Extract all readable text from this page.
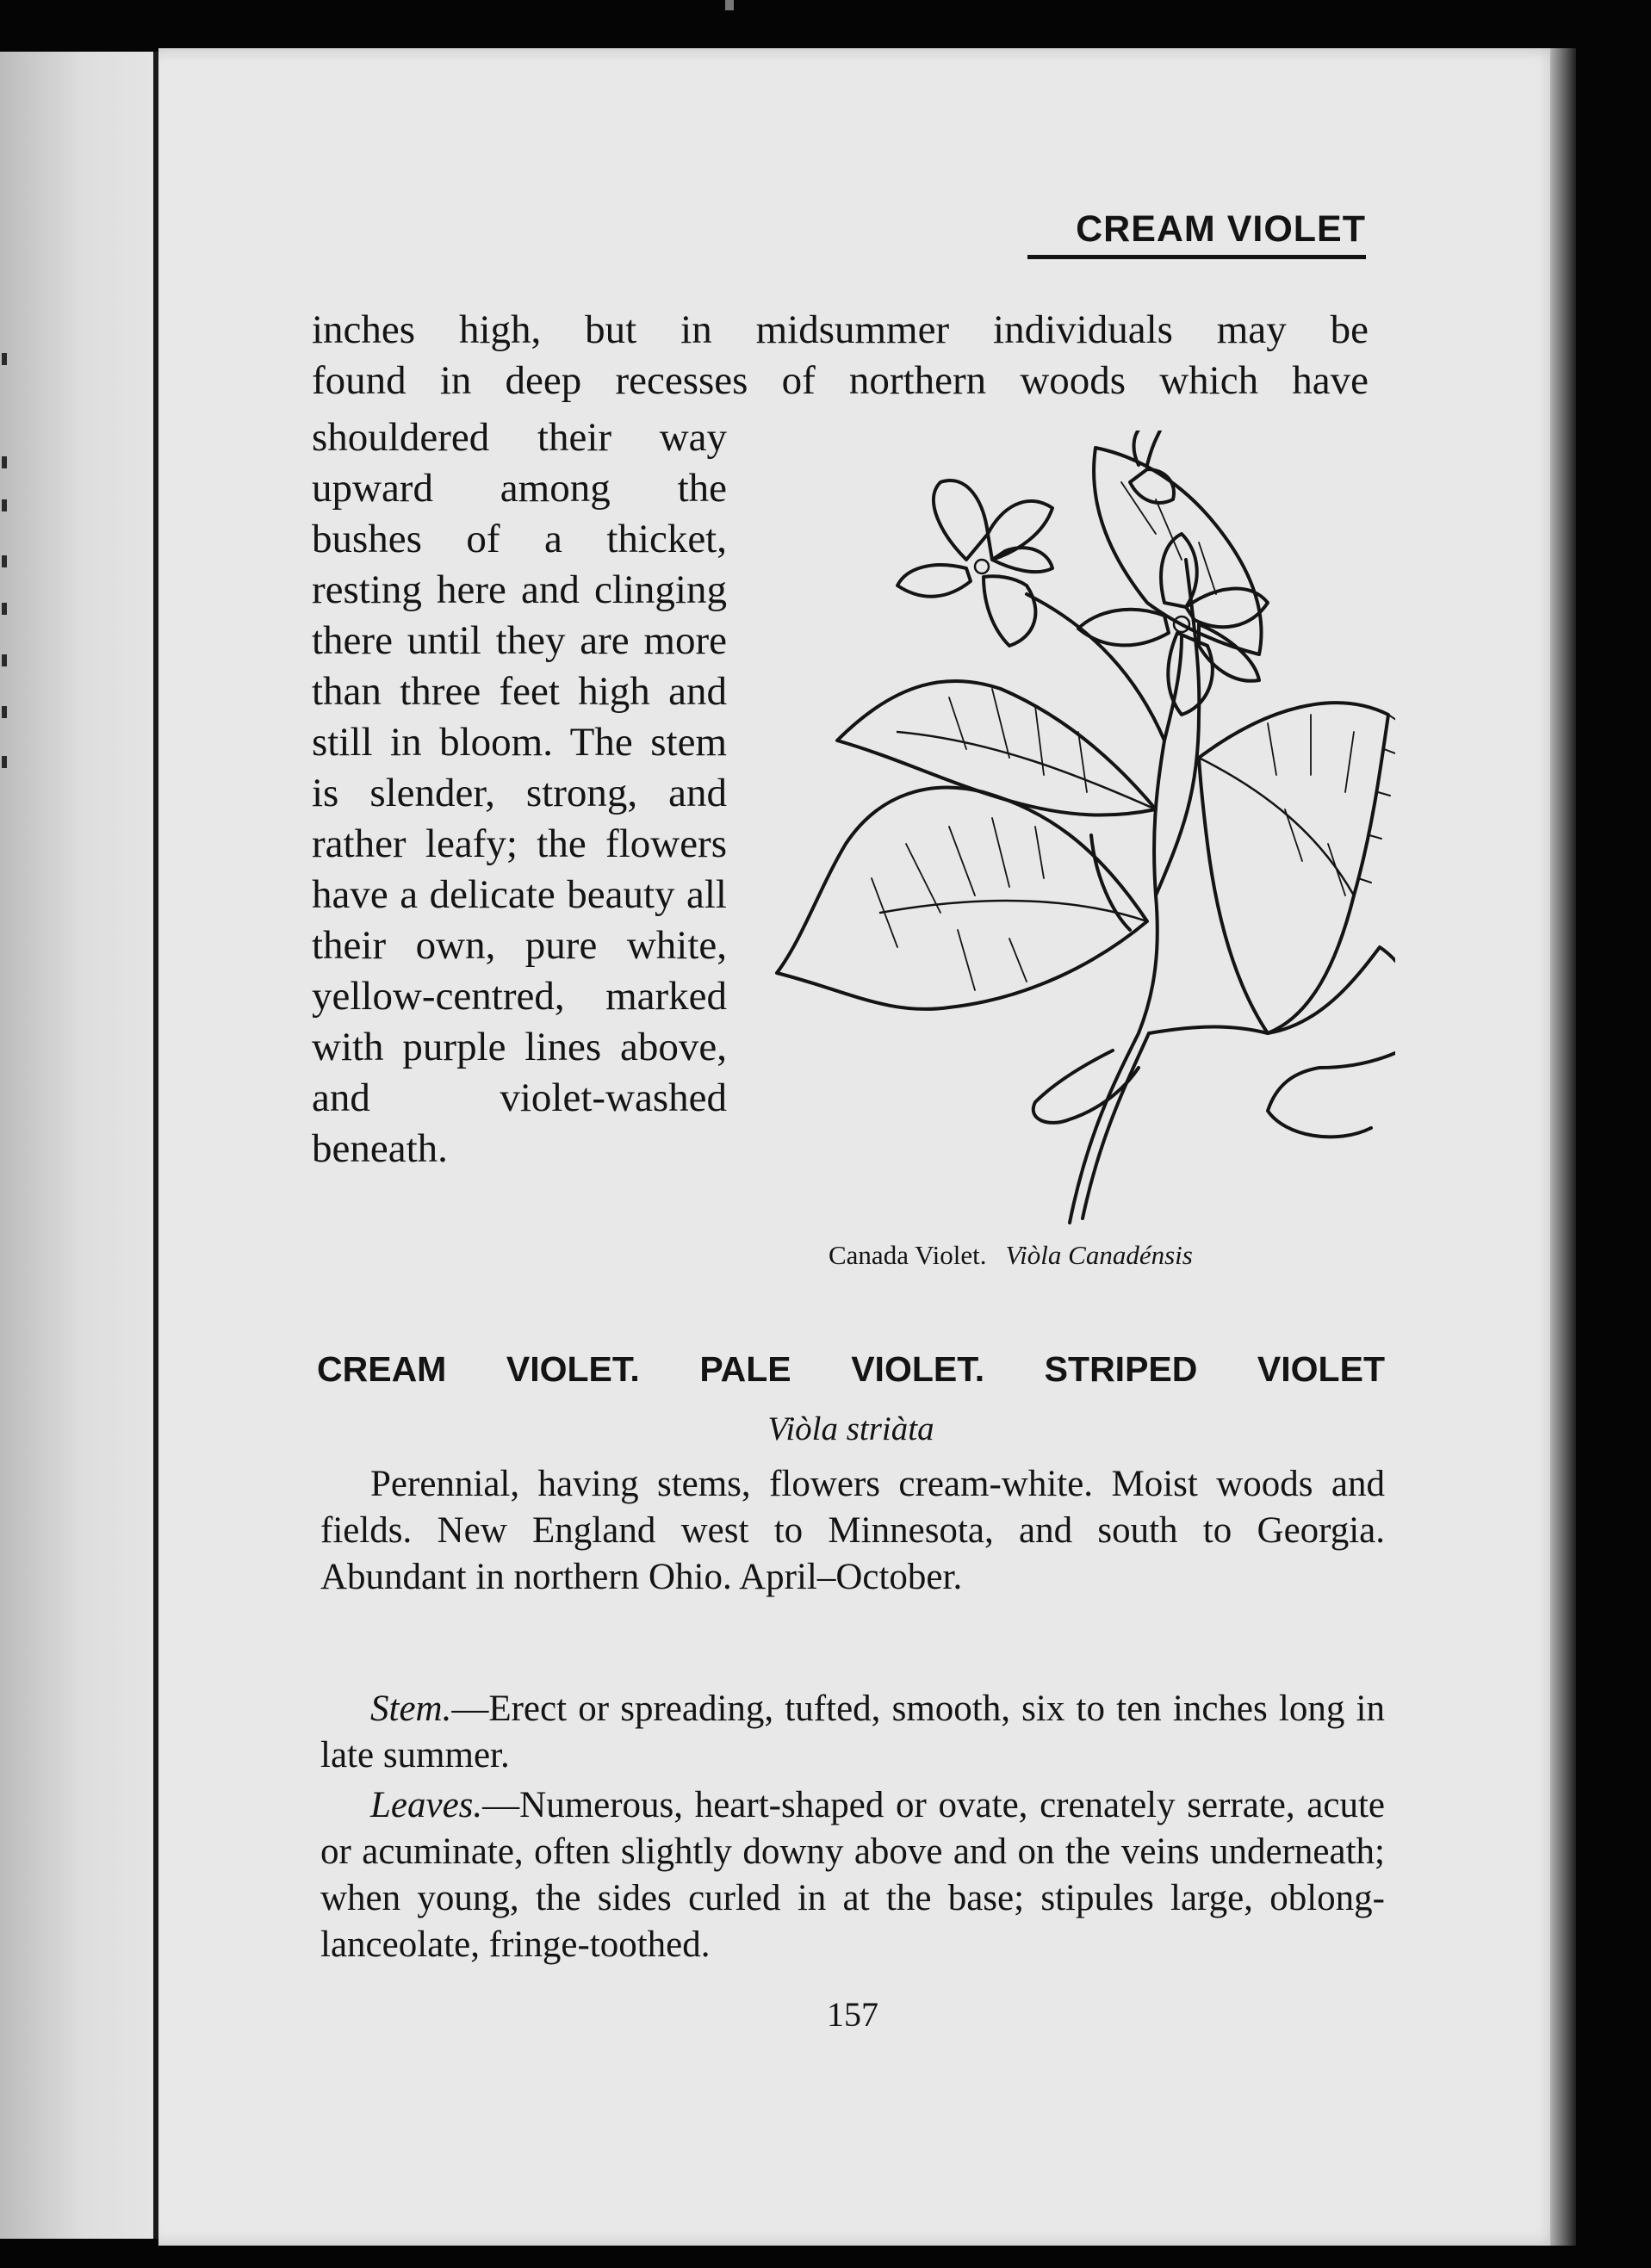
CREAM VIOLET

inches high, but in midsummer individuals may be

found in deep recesses of northern woods which have

shouldered their way upward among the bushes of a thicket, resting here and clinging there until they are more than three feet high and still in bloom. The stem is slender, strong, and rather leafy; the flowers have a delicate beauty all their own, pure white, yellow-centred, marked with purple lines above, and violet-washed beneath.

Canada Violet. Viòla Canadénsis

CREAM VIOLET. PALE VIOLET. STRIPED VIOLET

Viòla striàta

Perennial, having stems, flowers cream-white. Moist woods and fields. New England west to Minnesota, and south to Georgia. Abundant in northern Ohio. April–October.

Stem.—Erect or spreading, tufted, smooth, six to ten inches long in late summer.

Leaves.—Numerous, heart-shaped or ovate, crenately serrate, acute or acuminate, often slightly downy above and on the veins underneath; when young, the sides curled in at the base; stipules large, oblong-lanceolate, fringe-toothed.

157
